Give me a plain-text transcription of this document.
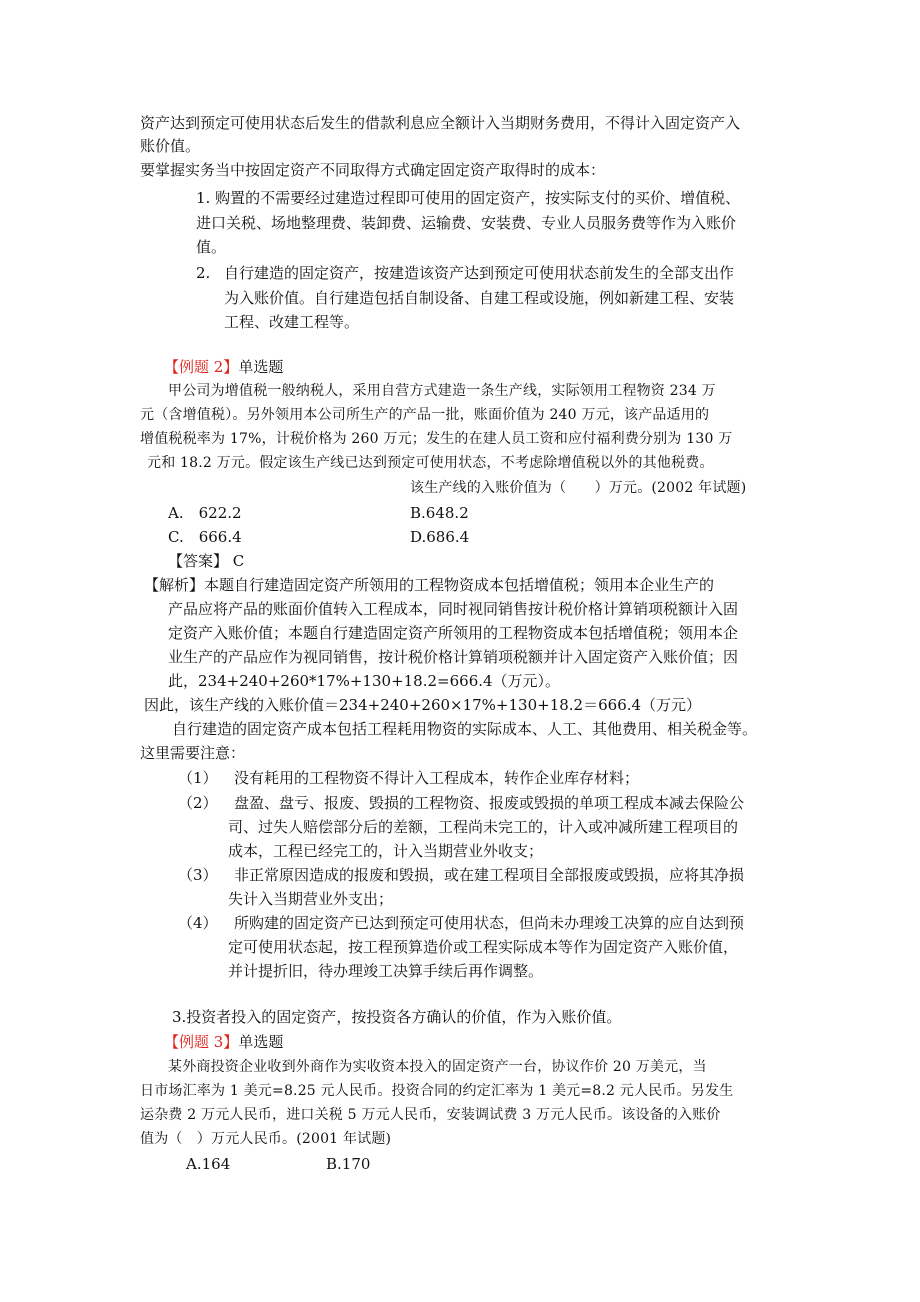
资产达到预定可使用状态后发生的借款利息应全额计入当期财务费用，不得计入固定资产入
账价值。
要掌握实务当中按固定资产不同取得方式确定固定资产取得时的成本：
1. 购置的不需要经过建造过程即可使用的固定资产，按实际支付的买价、增值税、
进口关税、场地整理费、装卸费、运输费、安装费、专业人员服务费等作为入账价
值。
2. 自行建造的固定资产，按建造该资产达到预定可使用状态前发生的全部支出作
为入账价值。自行建造包括自制设备、自建工程或设施，例如新建工程、安装
工程、改建工程等。
【例题 2】单选题
甲公司为增值税一般纳税人，采用自营方式建造一条生产线，实际领用工程物资 234 万
元（含增值税）。另外领用本公司所生产的产品一批，账面价值为 240 万元，该产品适用的
增值税税率为 17%，计税价格为 260 万元；发生的在建人员工资和应付福利费分别为 130 万
元和 18.2 万元。假定该生产线已达到预定可使用状态，不考虑除增值税以外的其他税费。
该生产线的入账价值为（　　）万元。(2002 年试题)
A.　622.2	B.648.2
C.　666.4	D.686.4
【答案】 C
【解析】本题自行建造固定资产所领用的工程物资成本包括增值税；领用本企业生产的
产品应将产品的账面价值转入工程成本，同时视同销售按计税价格计算销项税额计入固
定资产入账价值；本题自行建造固定资产所领用的工程物资成本包括增值税；领用本企
业生产的产品应作为视同销售，按计税价格计算销项税额并计入固定资产入账价值；因
此，234+240+260*17%+130+18.2=666.4（万元）。
因此，该生产线的入账价值＝234+240+260×17%+130+18.2＝666.4（万元）
自行建造的固定资产成本包括工程耗用物资的实际成本、人工、其他费用、相关税金等。
这里需要注意：
（1） 没有耗用的工程物资不得计入工程成本，转作企业库存材料；
（2） 盘盈、盘亏、报废、毁损的工程物资、报废或毁损的单项工程成本减去保险公
司、过失人赔偿部分后的差额，工程尚未完工的，计入或冲减所建工程项目的
成本，工程已经完工的，计入当期营业外收支；
（3） 非正常原因造成的报废和毁损，或在建工程项目全部报废或毁损，应将其净损
失计入当期营业外支出；
（4） 所购建的固定资产已达到预定可使用状态，但尚未办理竣工决算的应自达到预
定可使用状态起，按工程预算造价或工程实际成本等作为固定资产入账价值，
并计提折旧，待办理竣工决算手续后再作调整。
3.投资者投入的固定资产，按投资各方确认的价值，作为入账价值。
【例题 3】单选题
某外商投资企业收到外商作为实收资本投入的固定资产一台，协议作价 20 万美元，当
日市场汇率为 1 美元=8.25 元人民币。投资合同的约定汇率为 1 美元=8.2 元人民币。另发生
运杂费 2 万元人民币，进口关税 5 万元人民币，安装调试费 3 万元人民币。该设备的入账价
值为（　）万元人民币。(2001 年试题)
A.164	B.170
